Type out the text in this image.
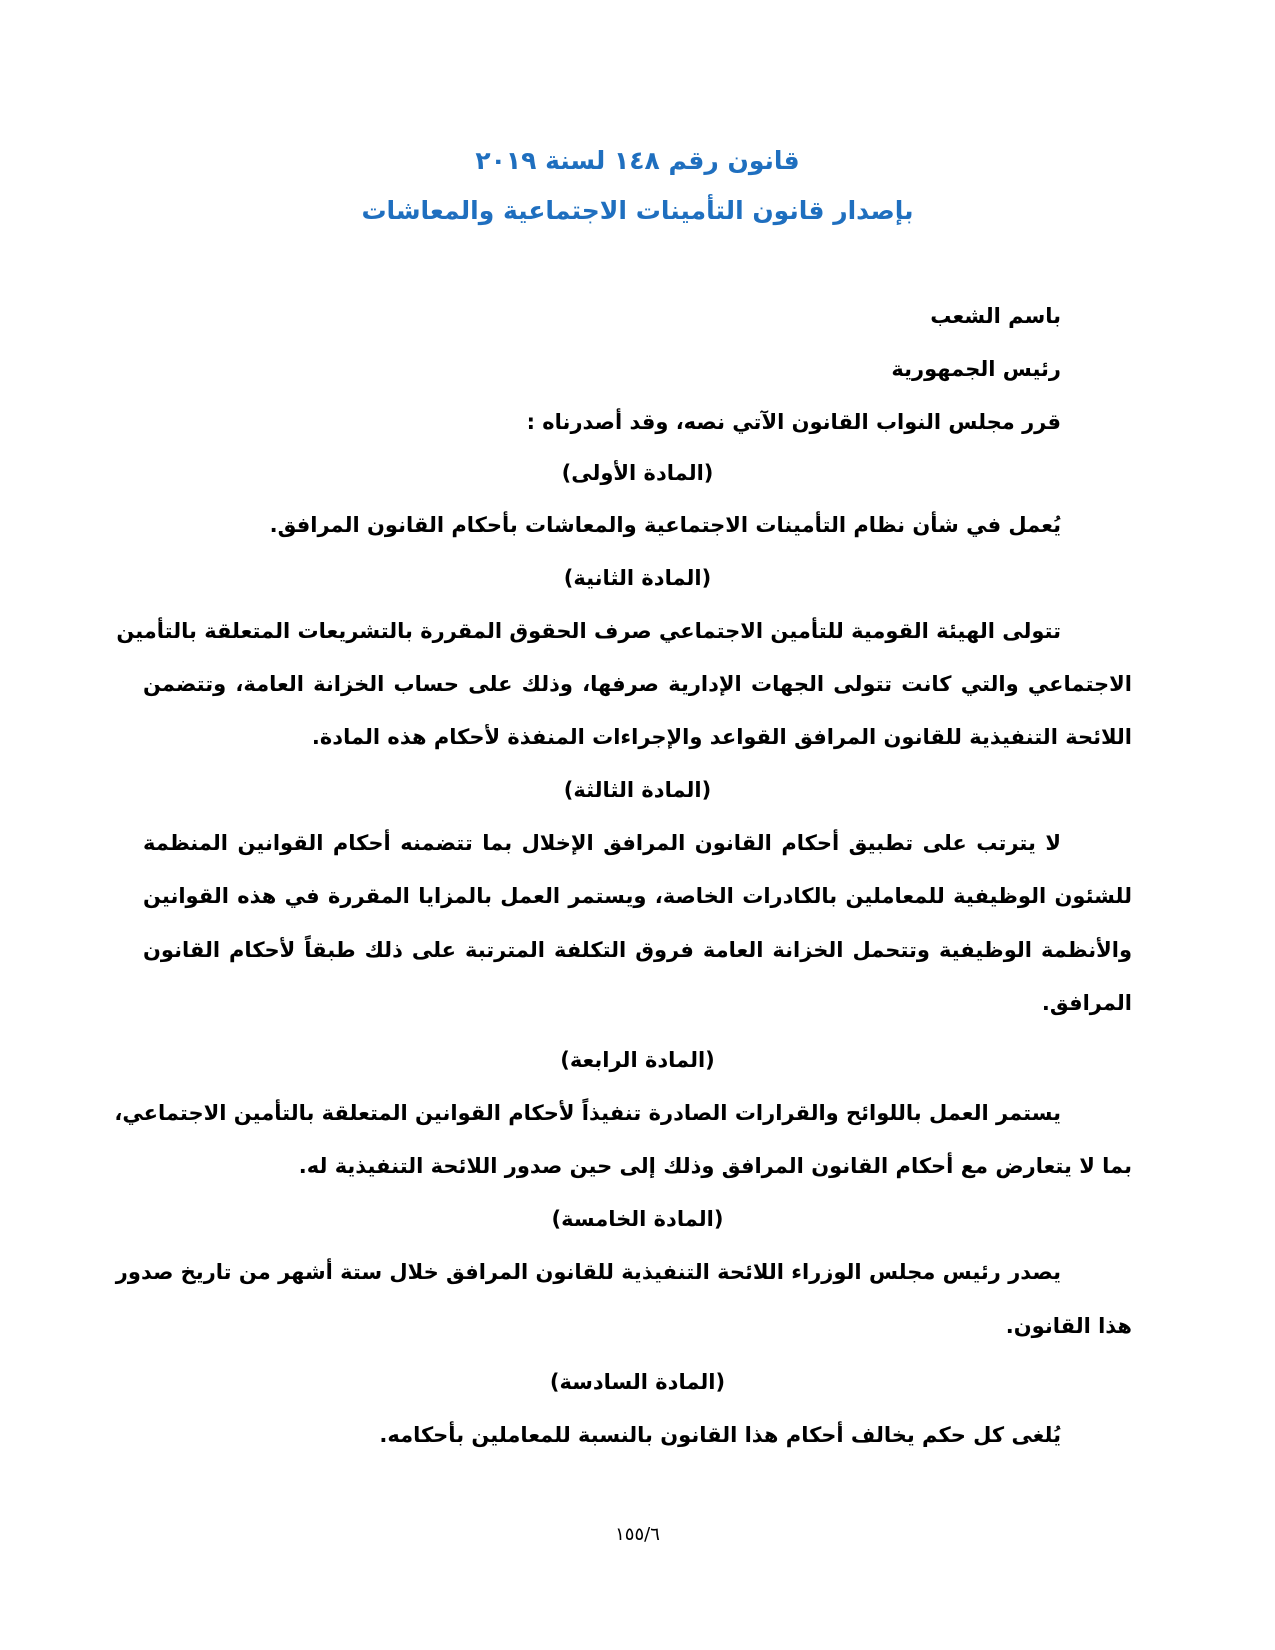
قانون رقم ١٤٨ لسنة ٢٠١٩
بإصدار قانون التأمينات الاجتماعية والمعاشات
باسم الشعب
رئيس الجمهورية
قرر مجلس النواب القانون الآتي نصه، وقد أصدرناه :
(المادة الأولى)
يُعمل في شأن نظام التأمينات الاجتماعية والمعاشات بأحكام القانون المرافق.
(المادة الثانية)
تتولى الهيئة القومية للتأمين الاجتماعي صرف الحقوق المقررة بالتشريعات المتعلقة بالتأمين
الاجتماعي والتي كانت تتولى الجهات الإدارية صرفها، وذلك على حساب الخزانة العامة، وتتضمن
اللائحة التنفيذية للقانون المرافق القواعد والإجراءات المنفذة لأحكام هذه المادة.
(المادة الثالثة)
لا يترتب على تطبيق أحكام القانون المرافق الإخلال بما تتضمنه أحكام القوانين المنظمة
للشئون الوظيفية للمعاملين بالكادرات الخاصة، ويستمر العمل بالمزايا المقررة في هذه القوانين
والأنظمة الوظيفية وتتحمل الخزانة العامة فروق التكلفة المترتبة على ذلك طبقاً لأحكام القانون
المرافق.
(المادة الرابعة)
يستمر العمل باللوائح والقرارات الصادرة تنفيذاً لأحكام القوانين المتعلقة بالتأمين الاجتماعي،
بما لا يتعارض مع أحكام القانون المرافق وذلك إلى حين صدور اللائحة التنفيذية له.
(المادة الخامسة)
يصدر رئيس مجلس الوزراء اللائحة التنفيذية للقانون المرافق خلال ستة أشهر من تاريخ صدور
هذا القانون.
(المادة السادسة)
يُلغى كل حكم يخالف أحكام هذا القانون بالنسبة للمعاملين بأحكامه.
١٥٥/٦
